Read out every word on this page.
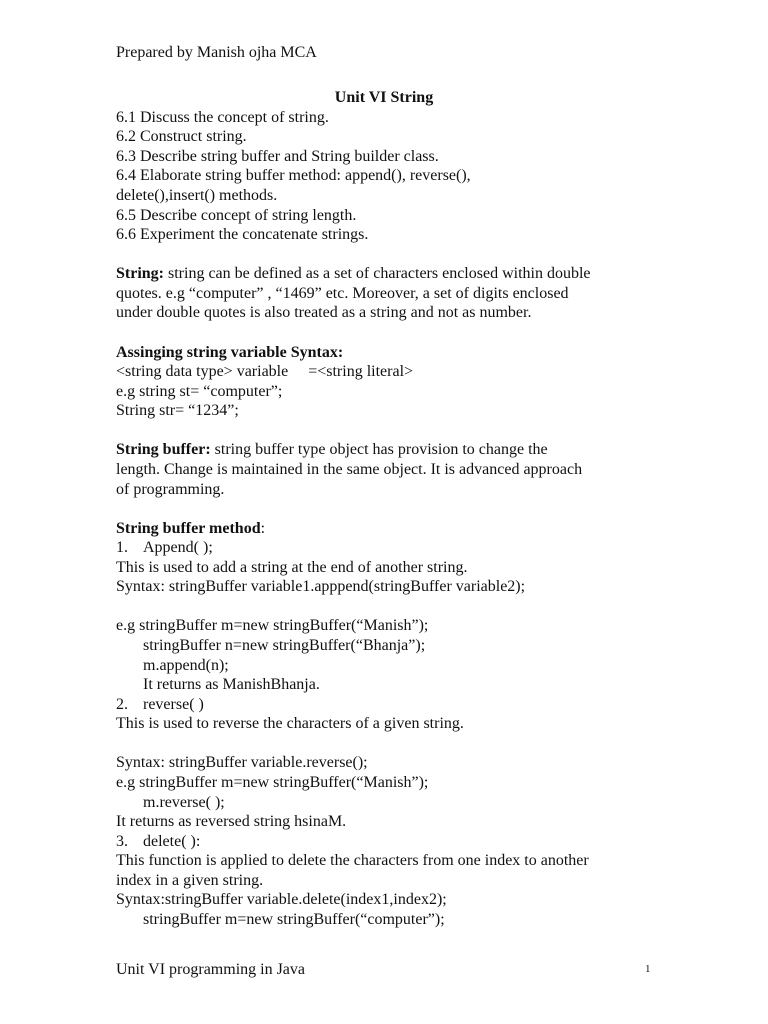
Prepared by Manish ojha MCA
Unit VI String
6.1 Discuss the concept of string.
6.2 Construct string.
6.3 Describe string buffer and String builder class.
6.4 Elaborate string buffer method: append(), reverse(),
delete(),insert() methods.
6.5 Describe concept of string length.
6.6 Experiment the concatenate strings.
String: string can be defined as a set of characters enclosed within double
quotes. e.g “computer” , “1469” etc. Moreover, a set of digits enclosed
under double quotes is also treated as a string and not as number.
Assinging string variable Syntax:
<string data type> variable     =<string literal>
e.g string st= “computer”;
String str= “1234”;
String buffer: string buffer type object has provision to change the
length. Change is maintained in the same object. It is advanced approach
of programming.
String buffer method:
1. Append( );
This is used to add a string at the end of another string.
Syntax: stringBuffer variable1.apppend(stringBuffer variable2);
e.g stringBuffer m=new stringBuffer(“Manish”);
stringBuffer n=new stringBuffer(“Bhanja”);
m.append(n);
It returns as ManishBhanja.
2. reverse( )
This is used to reverse the characters of a given string.
Syntax: stringBuffer variable.reverse();
e.g stringBuffer m=new stringBuffer(“Manish”);
m.reverse( );
It returns as reversed string hsinaM.
3. delete( ):
This function is applied to delete the characters from one index to another
index in a given string.
Syntax:stringBuffer variable.delete(index1,index2);
stringBuffer m=new stringBuffer(“computer”);
Unit VI programming in Java	1
